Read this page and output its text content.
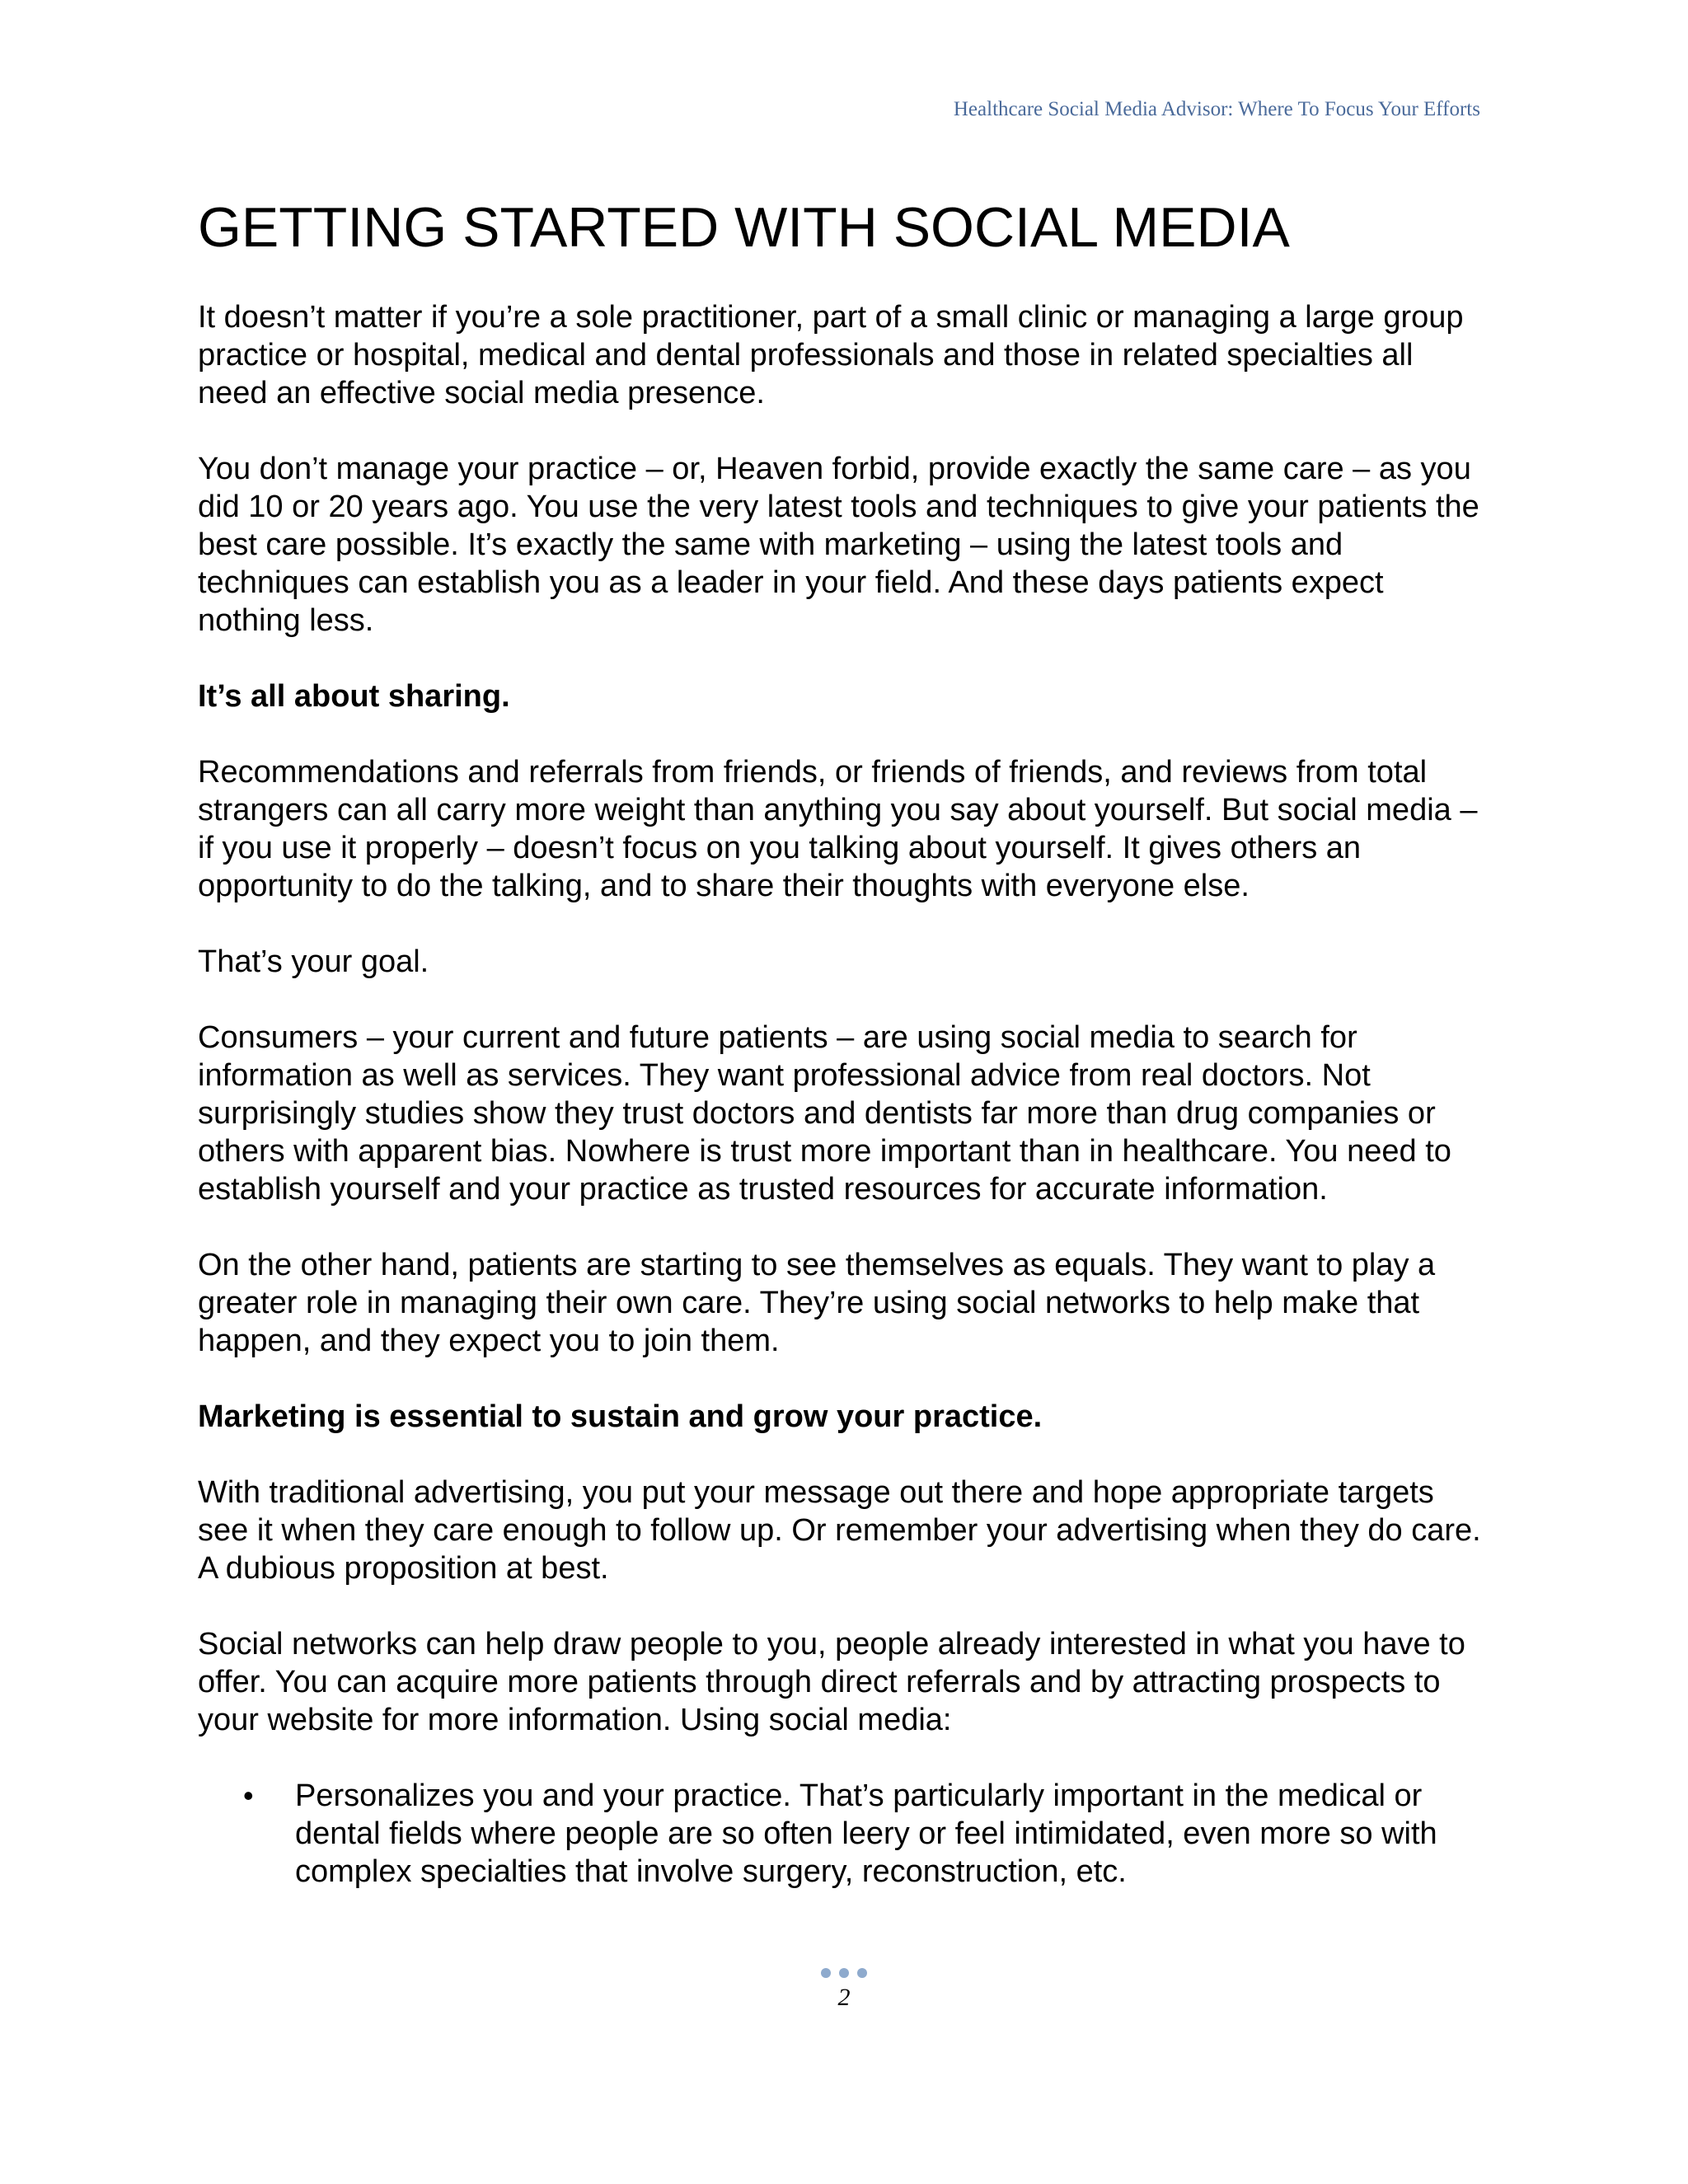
Healthcare Social Media Advisor: Where To Focus Your Efforts
GETTING STARTED WITH SOCIAL MEDIA

It doesn’t matter if you’re a sole practitioner, part of a small clinic or managing a large group practice or hospital, medical and dental professionals and those in related specialties all need an effective social media presence.

You don’t manage your practice – or, Heaven forbid, provide exactly the same care – as you did 10 or 20 years ago. You use the very latest tools and techniques to give your patients the best care possible. It’s exactly the same with marketing – using the latest tools and techniques can establish you as a leader in your field. And these days patients expect nothing less.

It’s all about sharing.

Recommendations and referrals from friends, or friends of friends, and reviews from total strangers can all carry more weight than anything you say about yourself. But social media – if you use it properly – doesn’t focus on you talking about yourself. It gives others an opportunity to do the talking, and to share their thoughts with everyone else.

That’s your goal.

Consumers – your current and future patients – are using social media to search for information as well as services. They want professional advice from real doctors. Not surprisingly studies show they trust doctors and dentists far more than drug companies or others with apparent bias. Nowhere is trust more important than in healthcare. You need to establish yourself and your practice as trusted resources for accurate information.

On the other hand, patients are starting to see themselves as equals. They want to play a greater role in managing their own care. They’re using social networks to help make that happen, and they expect you to join them.

Marketing is essential to sustain and grow your practice.

With traditional advertising, you put your message out there and hope appropriate targets see it when they care enough to follow up. Or remember your advertising when they do care. A dubious proposition at best.

Social networks can help draw people to you, people already interested in what you have to offer. You can acquire more patients through direct referrals and by attracting prospects to your website for more information. Using social media:

• Personalizes you and your practice. That’s particularly important in the medical or dental fields where people are so often leery or feel intimidated, even more so with complex specialties that involve surgery, reconstruction, etc.
2
